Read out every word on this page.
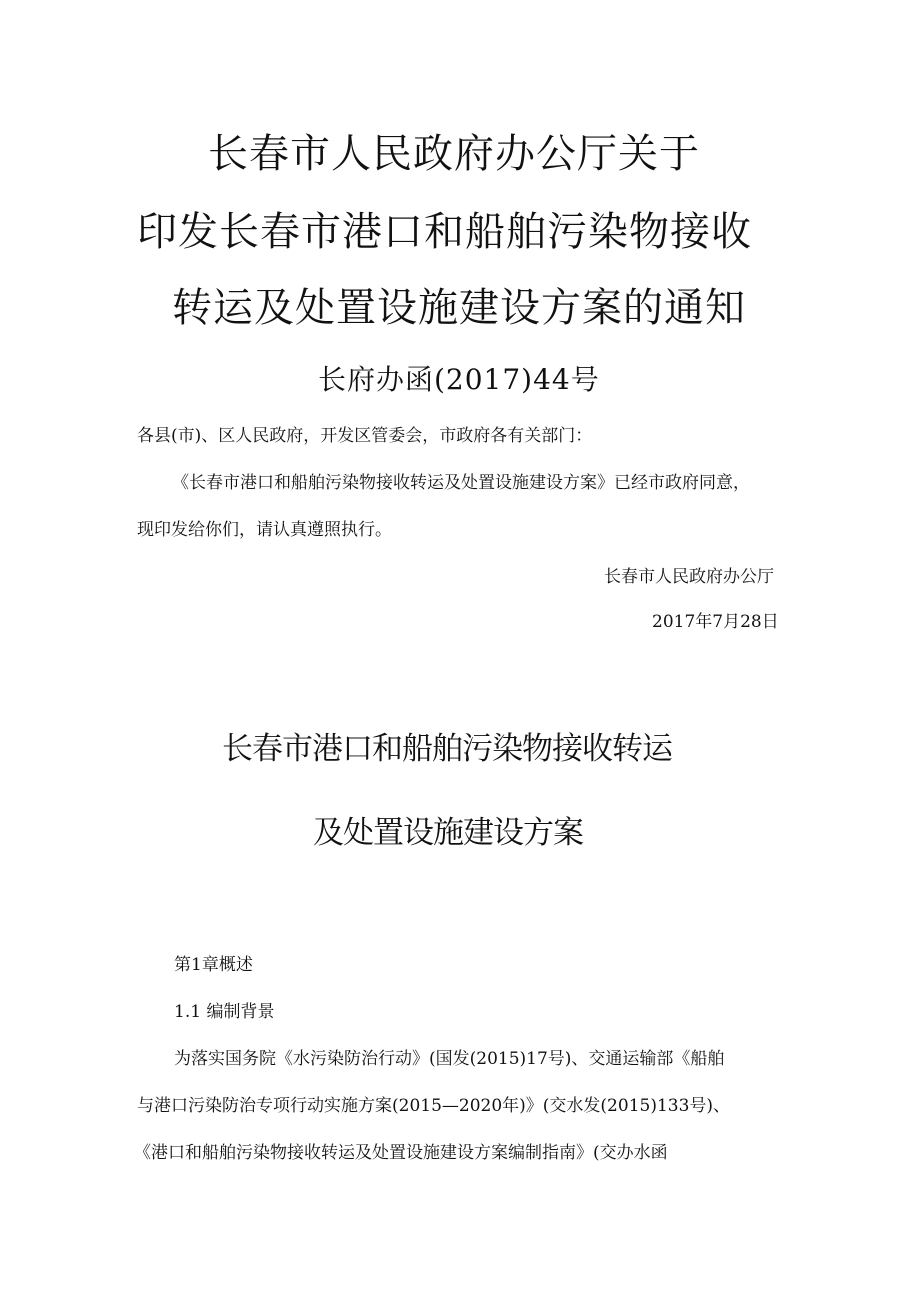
长春市人民政府办公厅关于
印发长春市港口和船舶污染物接收
转运及处置设施建设方案的通知
长府办函(2017)44号
各县(市)、区人民政府，开发区管委会，市政府各有关部门：
《长春市港口和船舶污染物接收转运及处置设施建设方案》已经市政府同意，
现印发给你们，请认真遵照执行。
长春市人民政府办公厅
2017年7月28日
长春市港口和船舶污染物接收转运
及处置设施建设方案
第1章概述
1.1 编制背景
为落实国务院《水污染防治行动》(国发(2015)17号)、交通运输部《船舶
与港口污染防治专项行动实施方案(2015—2020年)》(交水发(2015)133号)、
《港口和船舶污染物接收转运及处置设施建设方案编制指南》(交办水函
